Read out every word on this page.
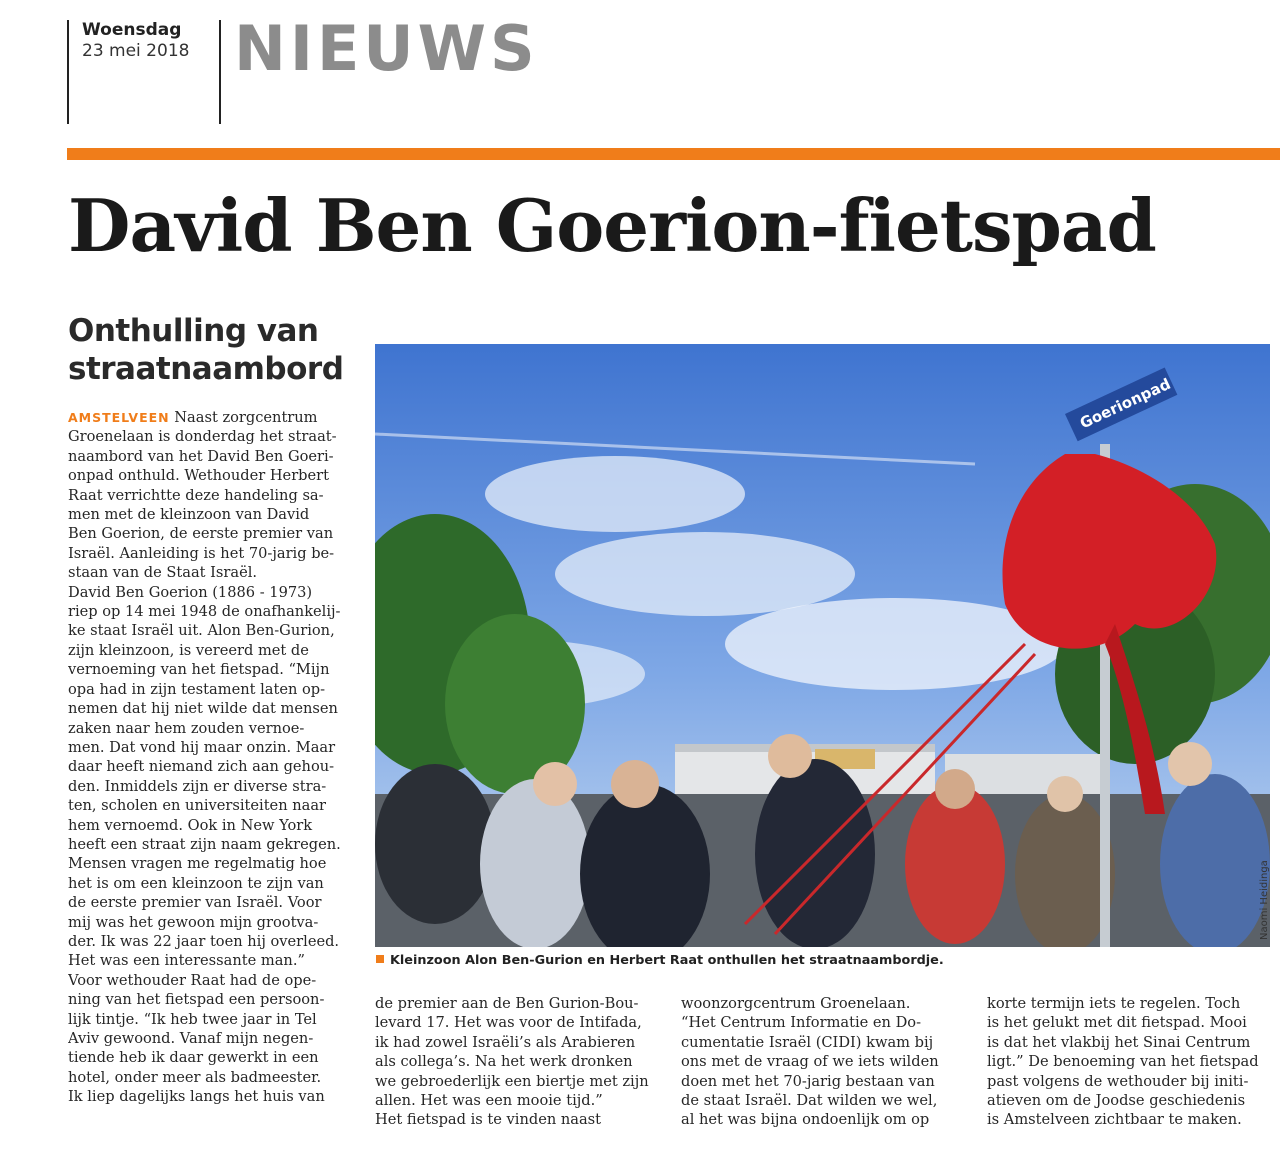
Woensdag
23 mei 2018 NIEUWS
David Ben Goerion-fietspad
Onthulling van
straatnaambord
AMSTELVEEN Naast zorgcentrum
Groenelaan is donderdag het straat-
naambord van het David Ben Goeri-
onpad onthuld. Wethouder Herbert
Raat verrichtte deze handeling sa-
men met de kleinzoon van David
Ben Goerion, de eerste premier van
Israël. Aanleiding is het 70-jarig be-
staan van de Staat Israël.
David Ben Goerion (1886 - 1973)
riep op 14 mei 1948 de onafhankelij-
ke staat Israël uit. Alon Ben-Gurion,
zijn kleinzoon, is vereerd met de
vernoeming van het fietspad. “Mijn
opa had in zijn testament laten op-
nemen dat hij niet wilde dat mensen
zaken naar hem zouden vernoe-
men. Dat vond hij maar onzin. Maar
daar heeft niemand zich aan gehou-
den. Inmiddels zijn er diverse stra-
ten, scholen en universiteiten naar
hem vernoemd. Ook in New York
heeft een straat zijn naam gekregen.
Mensen vragen me regelmatig hoe
het is om een kleinzoon te zijn van
de eerste premier van Israël. Voor
mij was het gewoon mijn grootva-
der. Ik was 22 jaar toen hij overleed.
Het was een interessante man.”
Voor wethouder Raat had de ope-
ning van het fietspad een persoon-
lijk tintje. “Ik heb twee jaar in Tel
Aviv gewoond. Vanaf mijn negen-
tiende heb ik daar gewerkt in een
hotel, onder meer als badmeester.
Ik liep dagelijks langs het huis van
de premier aan de Ben Gurion-Bou-
levard 17. Het was voor de Intifada,
ik had zowel Israëli’s als Arabieren
als collega’s. Na het werk dronken
we gebroederlijk een biertje met zijn
allen. Het was een mooie tijd.”
Het fietspad is te vinden naast
woonzorgcentrum Groenelaan.
“Het Centrum Informatie en Do-
cumentatie Israël (CIDI) kwam bij
ons met de vraag of we iets wilden
doen met het 70-jarig bestaan van
de staat Israël. Dat wilden we wel,
al het was bijna ondoenlijk om op
korte termijn iets te regelen. Toch
is het gelukt met dit fietspad. Mooi
is dat het vlakbij het Sinai Centrum
ligt.” De benoeming van het fietspad
past volgens de wethouder bij initi-
atieven om de Joodse geschiedenis
is Amstelveen zichtbaar te maken.
Goerionpad
Naomi Heidinga
Kleinzoon Alon Ben-Gurion en Herbert Raat onthullen het straatnaambordje.
